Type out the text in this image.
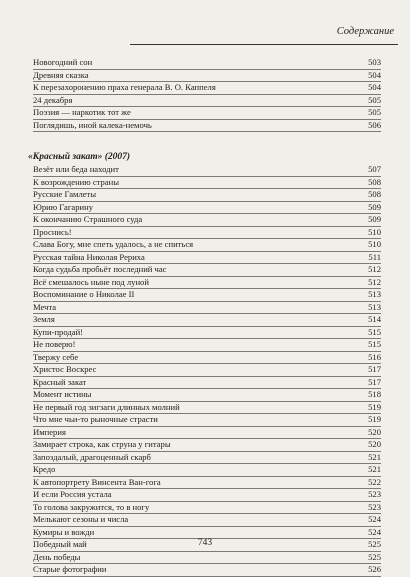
Содержание
Новогодний сон	503
Древняя сказка	504
К перезахоронению праха генерала В. О. Каппеля	504
24 декабря	505
Поэзия — наркотик тот же	505
Поглядишь, иной калека-немочь	506
«Красный закат» (2007)
Везёт или беда находит	507
К возрождению страны	508
Русские Гамлеты	508
Юрию Гагарину	509
К окончанию Страшного суда	509
Проснись!	510
Слава Богу, мне спеть удалось, а не спиться	510
Русская тайна Николая Рериха	511
Когда судьба пробьёт последний час	512
Всё смешалось ныне под луной	512
Воспоминание о Николае II	513
Мечта	513
Земля	514
Купи-продай!	515
Не поверю!	515
Твержу себе	516
Христос Воскрес	517
Красный закат	517
Момент истины	518
Не первый год зигзаги длинных молний	519
Что мне чьи-то рыночные страсти	519
Империя	520
Замирает строка, как струна у гитары	520
Запоздалый, драгоценный скарб	521
Кредо	521
К автопортрету Винсента Ван-гога	522
И если Россия устала	523
То голова закружится, то в ногу	523
Мелькают сезоны и числа	524
Кумиры и вожди	524
Победный май	525
День победы	525
Старые фотографии	526
743
